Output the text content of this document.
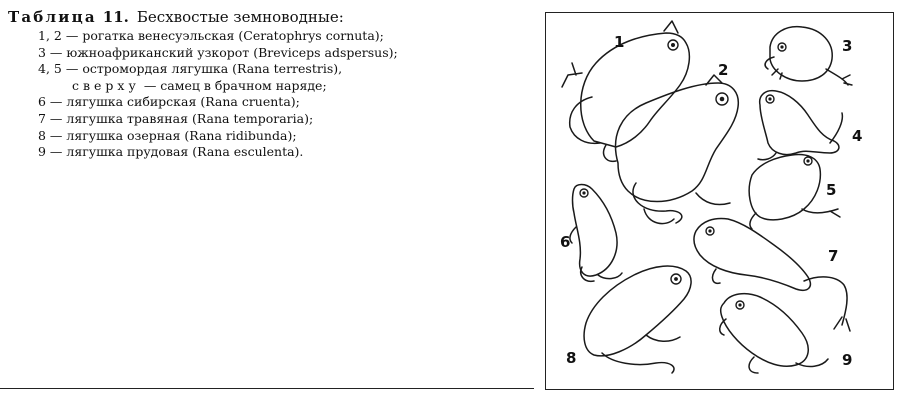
Таблица 11. Бесхвостые земноводные:
1, 2 — рогатка венесуэльская (Ceratophrys cornuta);
3 — южноафриканский узкорот (Breviceps adspersus);
4, 5 — остромордая лягушка (Rana terrestris),
сверху — самец в брачном наряде;
6 — лягушка сибирская (Rana cruenta);
7 — лягушка травяная (Rana temporaria);
8 — лягушка озерная (Rana ridibunda);
9 — лягушка прудовая (Rana esculenta).
1
2
3
4
5
6
7
8	9
